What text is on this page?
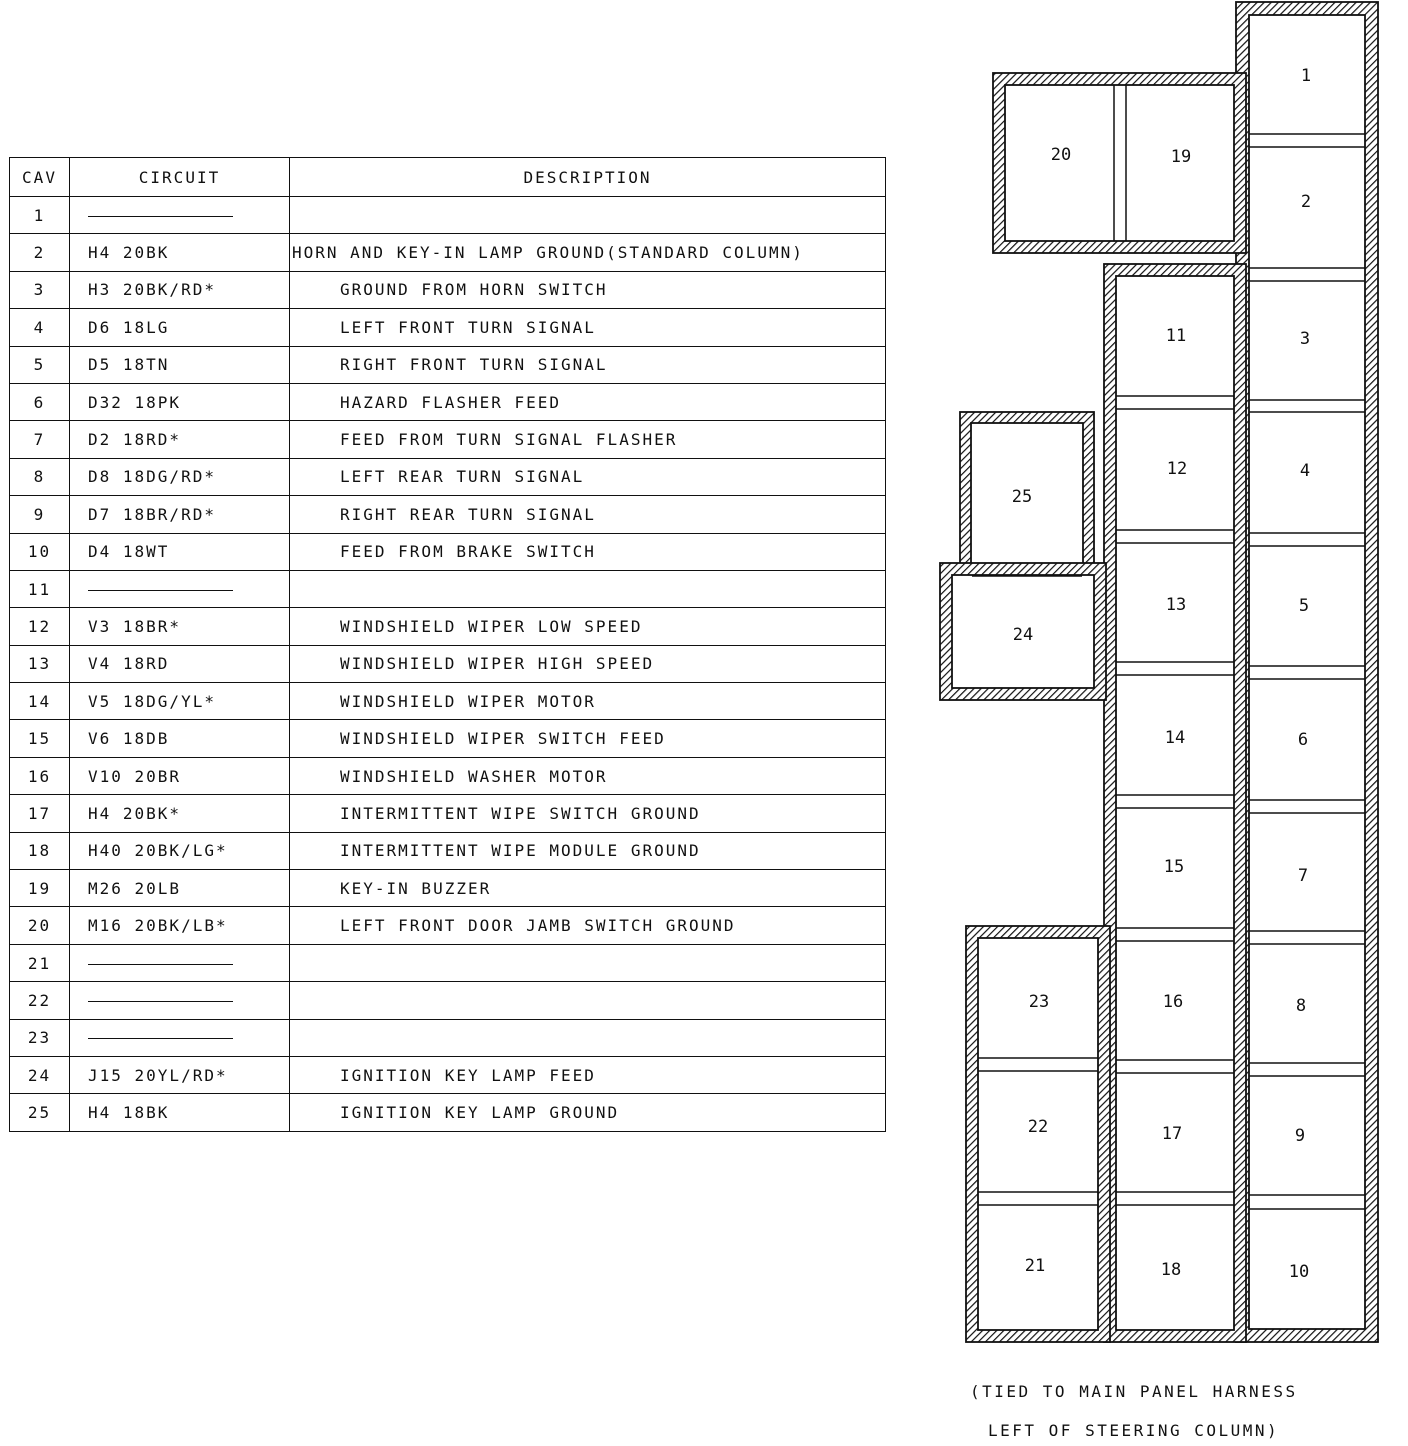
CAV	CIRCUIT	DESCRIPTION
1		
2	H4 20BK	HORN AND KEY-IN LAMP GROUND(STANDARD COLUMN)
3	H3 20BK/RD*	GROUND FROM HORN SWITCH
4	D6 18LG	LEFT FRONT TURN SIGNAL
5	D5 18TN	RIGHT FRONT TURN SIGNAL
6	D32 18PK	HAZARD FLASHER FEED
7	D2 18RD*	FEED FROM TURN SIGNAL FLASHER
8	D8 18DG/RD*	LEFT REAR TURN SIGNAL
9	D7 18BR/RD*	RIGHT REAR TURN SIGNAL
10	D4 18WT	FEED FROM BRAKE SWITCH
11		
12	V3 18BR*	WINDSHIELD WIPER LOW SPEED
13	V4 18RD	WINDSHIELD WIPER HIGH SPEED
14	V5 18DG/YL*	WINDSHIELD WIPER MOTOR
15	V6 18DB	WINDSHIELD WIPER SWITCH FEED
16	V10 20BR	WINDSHIELD WASHER MOTOR
17	H4 20BK*	INTERMITTENT WIPE SWITCH GROUND
18	H40 20BK/LG*	INTERMITTENT WIPE MODULE GROUND
19	M26 20LB	KEY-IN BUZZER
20	M16 20BK/LB*	LEFT FRONT DOOR JAMB SWITCH GROUND
21		
22		
23		
24	J15 20YL/RD*	IGNITION KEY LAMP FEED
25	H4 18BK	IGNITION KEY LAMP GROUND
1
2
3
4
5
6
7
8
9
10
11
12
13
14
15
16
17
18
19
20
21
22
23
24
25
(TIED TO MAIN PANEL HARNESS
LEFT OF STEERING COLUMN)
